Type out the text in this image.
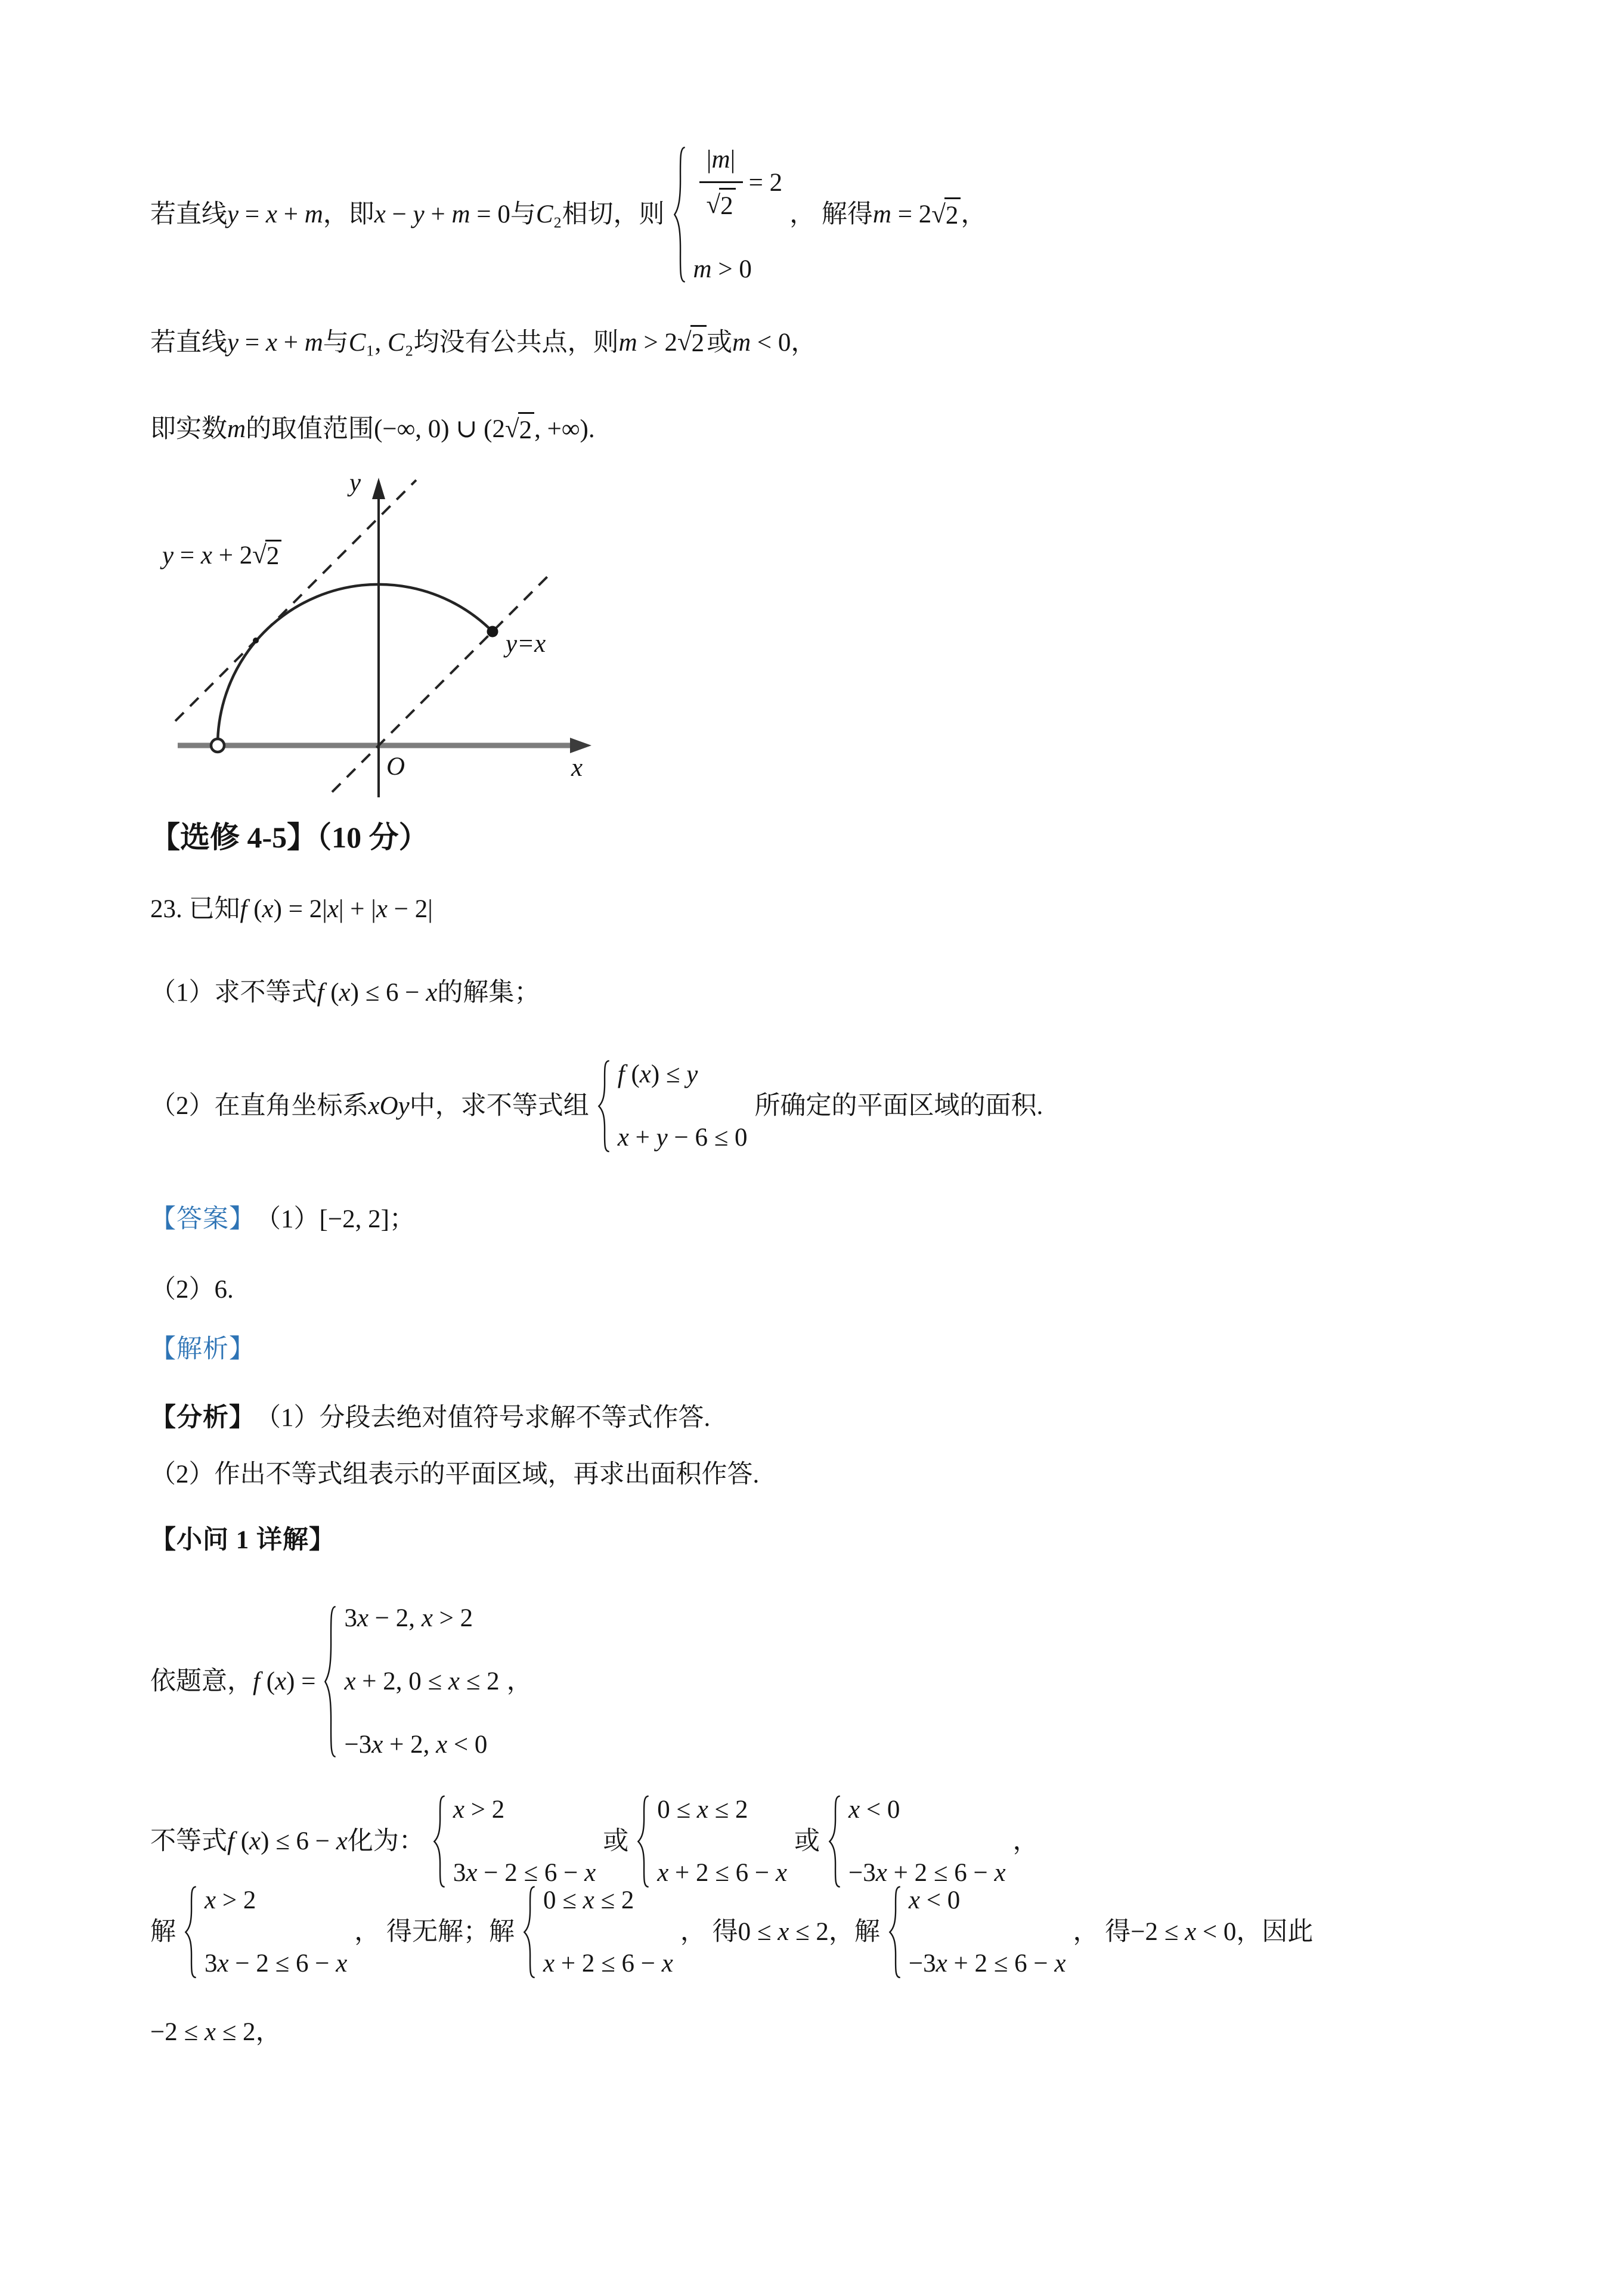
若直线 y = x + m ，即 x − y + m = 0 与 C₂ 相切，则 $\frac{|m|}{√ 2} = 2$
m > 0
， 解得 m = 2 √ 2 ，
若直线 y = x + m 与 C₁, C₂ 均没有公共点，则 m > 2 √ 2 或 m < 0 ，
即实数 m 的取值范围 (−∞, 0) ∪ (2 √ 2 , +∞) .
y
x
O
y=x
y = x + 2 √ 2
【选修 4-5】（10 分）
23. 已知 f (x) = 2|x| + |x − 2|
（1）求不等式 f (x) ≤ 6 − x 的解集；
（2）在直角坐标系 xOy 中，求不等式组
f (x) ≤ y
x + y − 6 ≤ 0
所确定的平面区域的面积.
【答案】 （1） [−2, 2] ；
（2）6.
【解析】
【分析】 （1）分段去绝对值符号求解不等式作答.
（2）作出不等式组表示的平面区域，再求出面积作答.
【小问 1 详解】
依题意， f (x) =
3x − 2, x > 2
x + 2, 0 ≤ x ≤ 2
−3x + 2, x < 0
，
不等式 f (x) ≤ 6 − x 化为：
x > 2
3x − 2 ≤ 6 − x
或
0 ≤ x ≤ 2
x + 2 ≤ 6 − x
或
x < 0
−3x + 2 ≤ 6 − x
，
解
x > 2
3x − 2 ≤ 6 − x
， 得无解；解
0 ≤ x ≤ 2
x + 2 ≤ 6 − x
， 得 0 ≤ x ≤ 2 ，解
x < 0
−3x + 2 ≤ 6 − x
， 得 −2 ≤ x < 0 ，因此
−2 ≤ x ≤ 2 ，
